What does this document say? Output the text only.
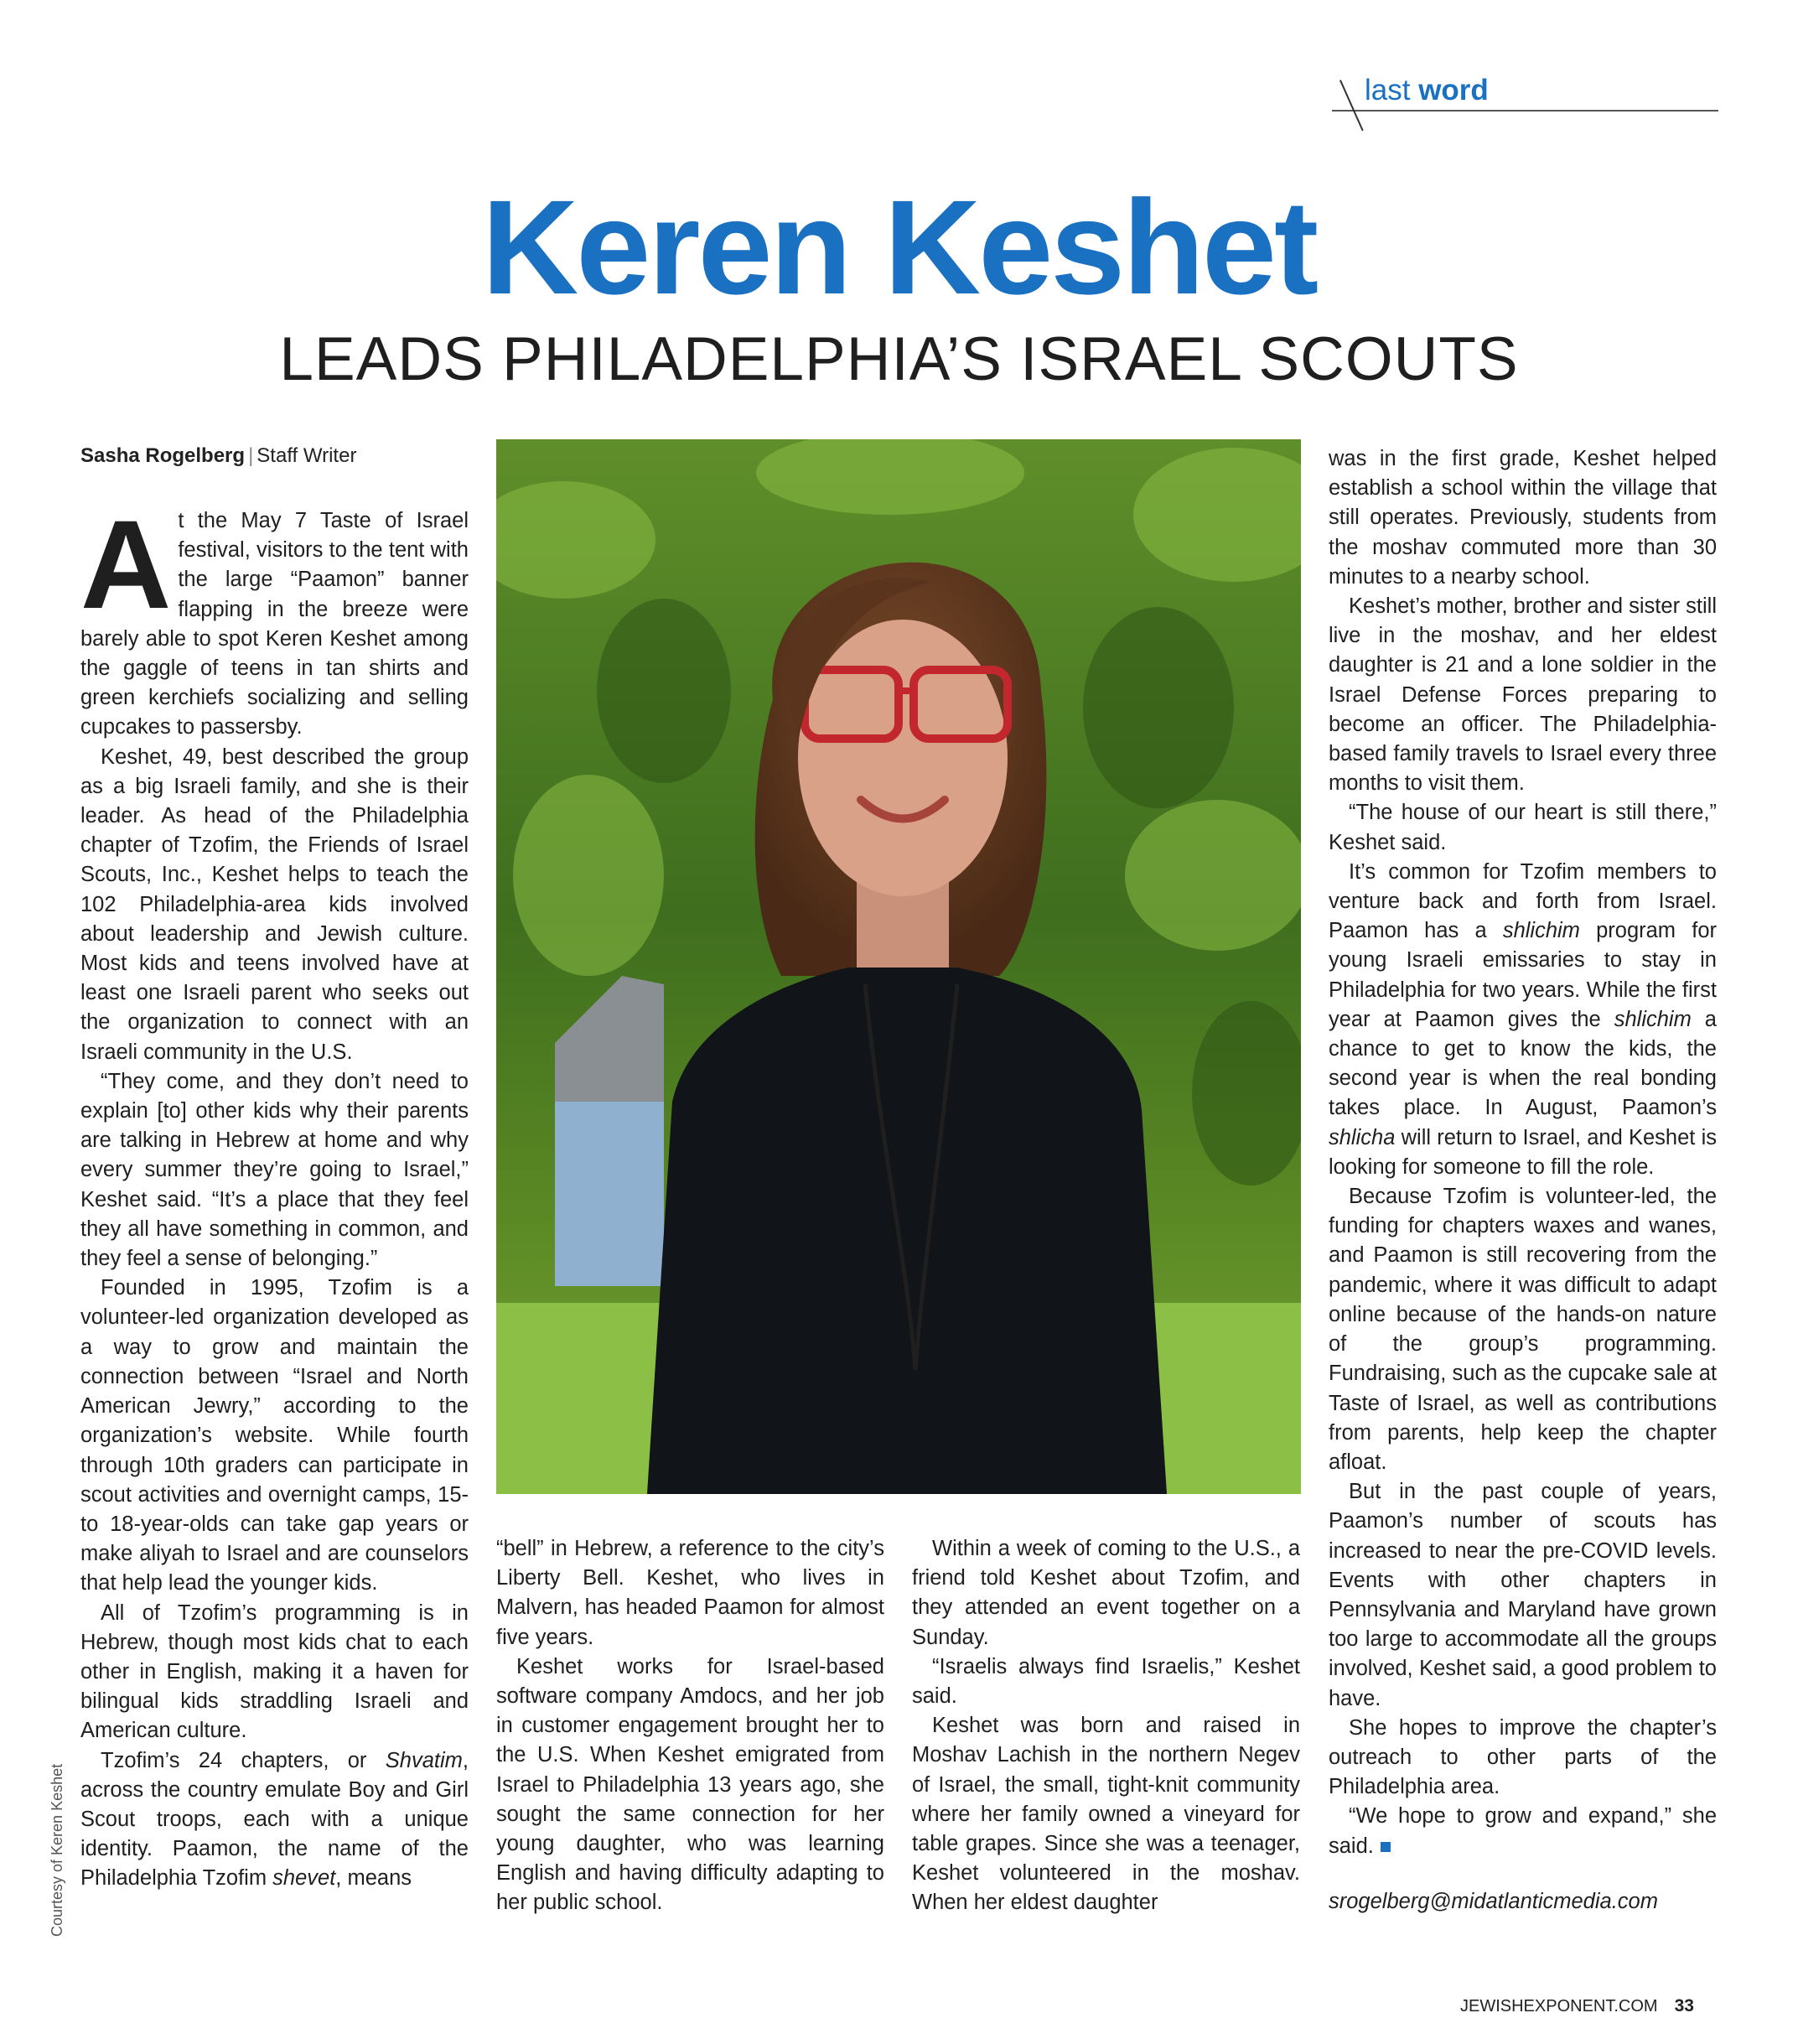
last word
Keren Keshet
LEADS PHILADELPHIA’S ISRAEL SCOUTS
Sasha Rogelberg | Staff Writer

At the May 7 Taste of Israel festival, visitors to the tent with the large “Paamon” banner flapping in the breeze were barely able to spot Keren Keshet among the gaggle of teens in tan shirts and green kerchiefs socializing and selling cupcakes to passersby.

Keshet, 49, best described the group as a big Israeli family, and she is their leader. As head of the Philadelphia chapter of Tzofim, the Friends of Israel Scouts, Inc., Keshet helps to teach the 102 Philadelphia-area kids involved about leadership and Jewish culture. Most kids and teens involved have at least one Israeli parent who seeks out the organization to connect with an Israeli community in the U.S.

“They come, and they don’t need to explain [to] other kids why their parents are talking in Hebrew at home and why every summer they’re going to Israel,” Keshet said. “It’s a place that they feel they all have something in common, and they feel a sense of belonging.”

Founded in 1995, Tzofim is a volunteer-led organization developed as a way to grow and maintain the connection between “Israel and North American Jewry,” according to the organization’s website. While fourth through 10th graders can participate in scout activities and overnight camps, 15- to 18-year-olds can take gap years or make aliyah to Israel and are counselors that help lead the younger kids.

All of Tzofim’s programming is in Hebrew, though most kids chat to each other in English, making it a haven for bilingual kids straddling Israeli and American culture.

Tzofim’s 24 chapters, or Shvatim, across the country emulate Boy and Girl Scout troops, each with a unique identity. Paamon, the name of the Philadelphia Tzofim shevet, means

“bell” in Hebrew, a reference to the city’s Liberty Bell. Keshet, who lives in Malvern, has headed Paamon for almost five years.

Keshet works for Israel-based software company Amdocs, and her job in customer engagement brought her to the U.S. When Keshet emigrated from Israel to Philadelphia 13 years ago, she sought the same connection for her young daughter, who was learning English and having difficulty adapting to her public school.

Within a week of coming to the U.S., a friend told Keshet about Tzofim, and they attended an event together on a Sunday.

“Israelis always find Israelis,” Keshet said.

Keshet was born and raised in Moshav Lachish in the northern Negev of Israel, the small, tight-knit community where her family owned a vineyard for table grapes. Since she was a teenager, Keshet volunteered in the moshav. When her eldest daughter

was in the first grade, Keshet helped establish a school within the village that still operates. Previously, students from the moshav commuted more than 30 minutes to a nearby school.

Keshet’s mother, brother and sister still live in the moshav, and her eldest daughter is 21 and a lone soldier in the Israel Defense Forces preparing to become an officer. The Philadelphia-based family travels to Israel every three months to visit them.

“The house of our heart is still there,” Keshet said.

It’s common for Tzofim members to venture back and forth from Israel. Paamon has a shlichim program for young Israeli emissaries to stay in Philadelphia for two years. While the first year at Paamon gives the shlichim a chance to get to know the kids, the second year is when the real bonding takes place. In August, Paamon’s shlicha will return to Israel, and Keshet is looking for someone to fill the role.

Because Tzofim is volunteer-led, the funding for chapters waxes and wanes, and Paamon is still recovering from the pandemic, where it was difficult to adapt online because of the hands-on nature of the group’s programming. Fundraising, such as the cupcake sale at Taste of Israel, as well as contributions from parents, help keep the chapter afloat.

But in the past couple of years, Paamon’s number of scouts has increased to near the pre-COVID levels. Events with other chapters in Pennsylvania and Maryland have grown too large to accommodate all the groups involved, Keshet said, a good problem to have.

She hopes to improve the chapter’s outreach to other parts of the Philadelphia area.

“We hope to grow and expand,” she said.

srogelberg@midatlanticmedia.com
Courtesy of Keren Keshet
JEWISHEXPONENT.COM 33
